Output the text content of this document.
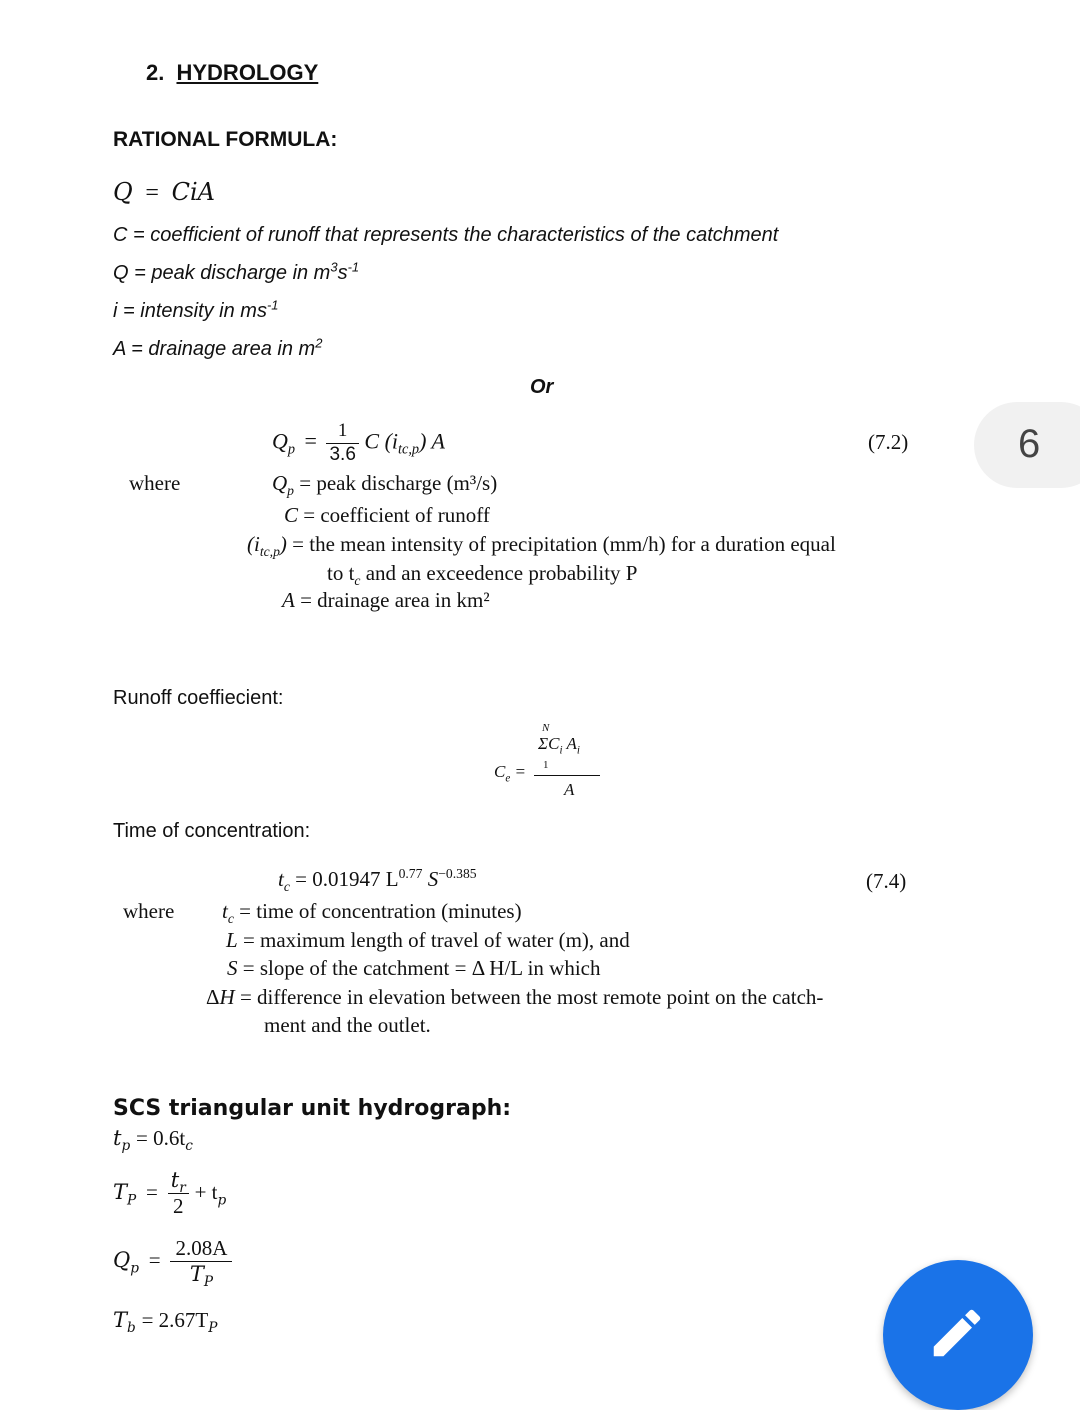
2. HYDROLOGY
RATIONAL FORMULA:
Q = CiA
C = coefficient of runoff that represents the characteristics of the catchment
Q = peak discharge in $m^3s^{-1}$
i = intensity in $ms^{-1}$
A = drainage area in $m^2$
Or
6
$Q_p = \frac{1}{3.6}$ C $(i_{tc,p})$ A	(7.2)
where	$Q_p$ = peak discharge (m³/s)
C = coefficient of runoff
$(i_{tc,p})$ = the mean intensity of precipitation (mm/h) for a duration equal
to $t_c$ and an exceedence probability P
A = drainage area in km²
Runoff coeffiecient:
$C_e$ =
N
$\Sigma C_i$ $A_i$
1
A
Time of concentration:
$t_c = 0.01947$ $L^{0.77}$ $S^{-0.385}$	(7.4)
where $t_c$ = time of concentration (minutes)
L = maximum length of travel of water (m), and
S = slope of the catchment = Δ H/L in which
ΔH = difference in elevation between the most remote point on the catch-
ment and the outlet.
SCS triangular unit hydrograph:
$t_p = 0.6t_c$
$T_P = \frac{t_r}{2} + t_p$
$Q_p = \frac{2.08A}{T_P}$
$T_b = 2.67T_P$
